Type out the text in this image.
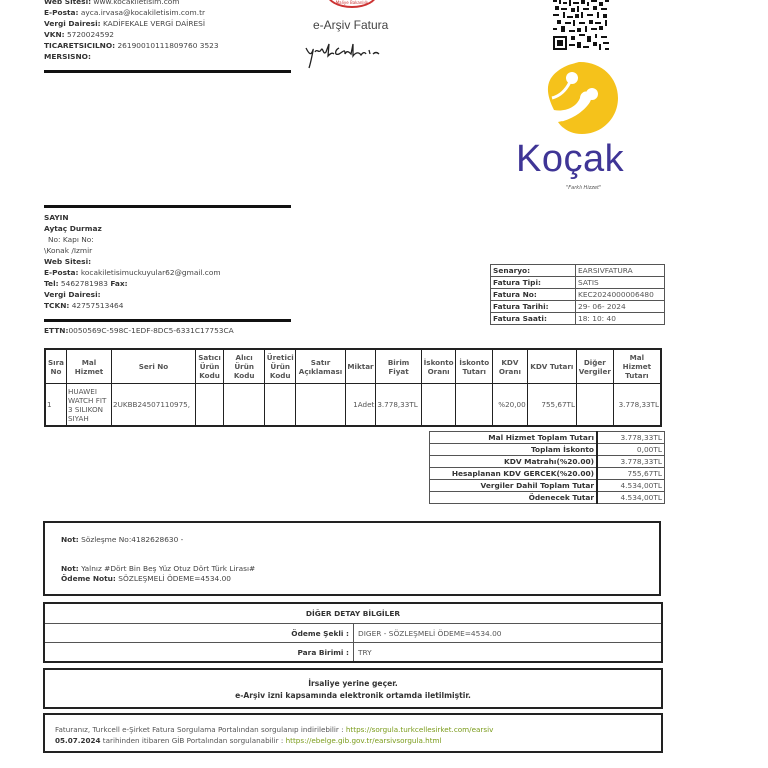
Web Sitesi: www.kocakiletisim.com
E-Posta: ayca.irvasa@kocakiletisim.com.tr
Vergi Dairesi: KADİFEKALE VERGİ DAİRESİ
VKN: 5720024592
TICARETSICILNO: 26190010111809760 3523
MERSISNO:
Maliye Bakanlığı
e-Arşiv Fatura
Koçak
"Farklı Hizzet"
SAYIN
Aytaç Durmaz
No: Kapı No:
\Konak /Izmir
Web Sitesi:
E-Posta: kocakiletisimuckuyular62@gmail.com
Tel: 5462781983 Fax:
Vergi Dairesi:
TCKN: 42757513464
Senaryo:	EARSIVFATURA
Fatura Tipi:	SATIS
Fatura No:	KEC2024000006480
Fatura Tarihi:	29- 06- 2024
Fatura Saati:	18: 10: 40
ETTN:0050569C-598C-1EDF-8DC5-6331C17753CA
Sıra No	Mal Hizmet	Seri No	Satıcı Ürün Kodu	Alıcı Ürün Kodu	Üretici Ürün Kodu	Satır Açıklaması	Miktar	Birim Fiyat	İskonto Oranı	İskonto Tutarı	KDV Oranı	KDV Tutarı	Diğer Vergiler	Mal Hizmet Tutarı
1	HUAWEI WATCH FIT 3 SILIKON SIYAH	2UKBB24507110975,					1Adet	3.778,33TL			%20,00	755,67TL		3.778,33TL
Mal Hizmet Toplam Tutarı	3.778,33TL
Toplam İskonto	0,00TL
KDV Matrahı(%20.00)	3.778,33TL
Hesaplanan KDV GERCEK(%20.00)	755,67TL
Vergiler Dahil Toplam Tutar	4.534,00TL
Ödenecek Tutar	4.534,00TL
Not: Sözleşme No:4182628630 -
Not: Yalnız #Dört Bin Beş Yüz Otuz Dört Türk Lirası#
Ödeme Notu: SÖZLEŞMELİ ÖDEME=4534.00
DİĞER DETAY BİLGİLER	
Ödeme Şekli :	DIGER - SÖZLEŞMELİ ÖDEME=4534.00
Para Birimi :	TRY
İrsaliye yerine geçer.
e-Arşiv izni kapsamında elektronik ortamda iletilmiştir.
Faturanız, Turkcell e-Şirket Fatura Sorgulama Portalından sorgulanıp indirilebilir : https://sorgula.turkcellesirket.com/earsiv
05.07.2024 tarihinden itibaren GİB Portalından sorgulanabilir : https://ebelge.gib.gov.tr/earsivsorgula.html
